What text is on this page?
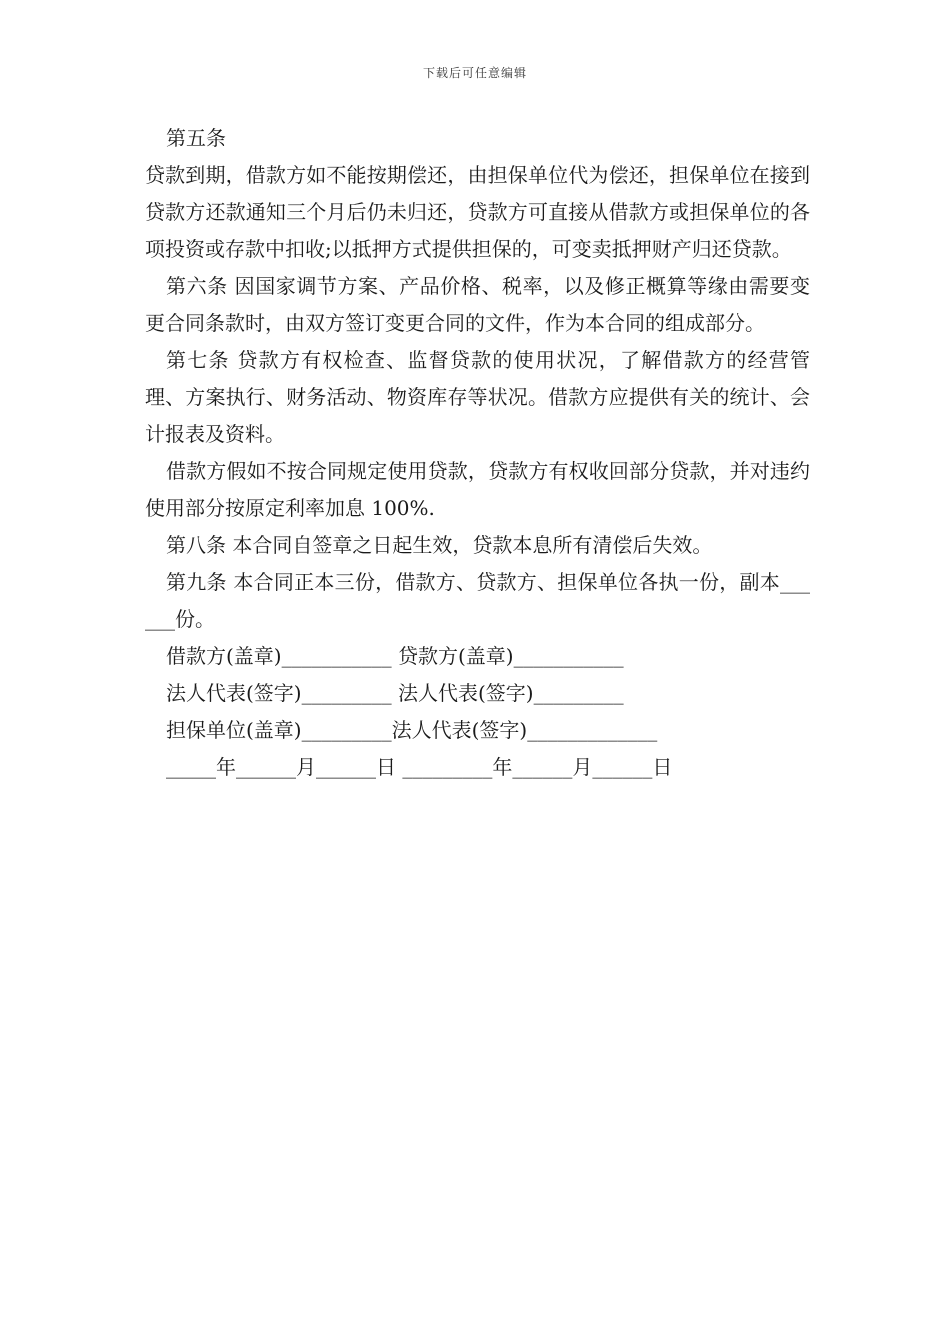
下载后可任意编辑

第五条

贷款到期，借款方如不能按期偿还，由担保单位代为偿还，担保单位在接到贷款方还款通知三个月后仍未归还，贷款方可直接从借款方或担保单位的各项投资或存款中扣收;以抵押方式提供担保的，可变卖抵押财产归还贷款。

第六条 因国家调节方案、产品价格、税率，以及修正概算等缘由需要变更合同条款时，由双方签订变更合同的文件，作为本合同的组成部分。

第七条 贷款方有权检查、监督贷款的使用状况，了解借款方的经营管理、方案执行、财务活动、物资库存等状况。借款方应提供有关的统计、会计报表及资料。

借款方假如不按合同规定使用贷款，贷款方有权收回部分贷款，并对违约使用部分按原定利率加息 100%.

第八条 本合同自签章之日起生效，贷款本息所有清偿后失效。

第九条 本合同正本三份，借款方、贷款方、担保单位各执一份，副本______份。

借款方(盖章)___________ 贷款方(盖章)___________
法人代表(签字)_________ 法人代表(签字)_________
担保单位(盖章)_________法人代表(签字)_____________
_____年______月______日 _________年______月______日
